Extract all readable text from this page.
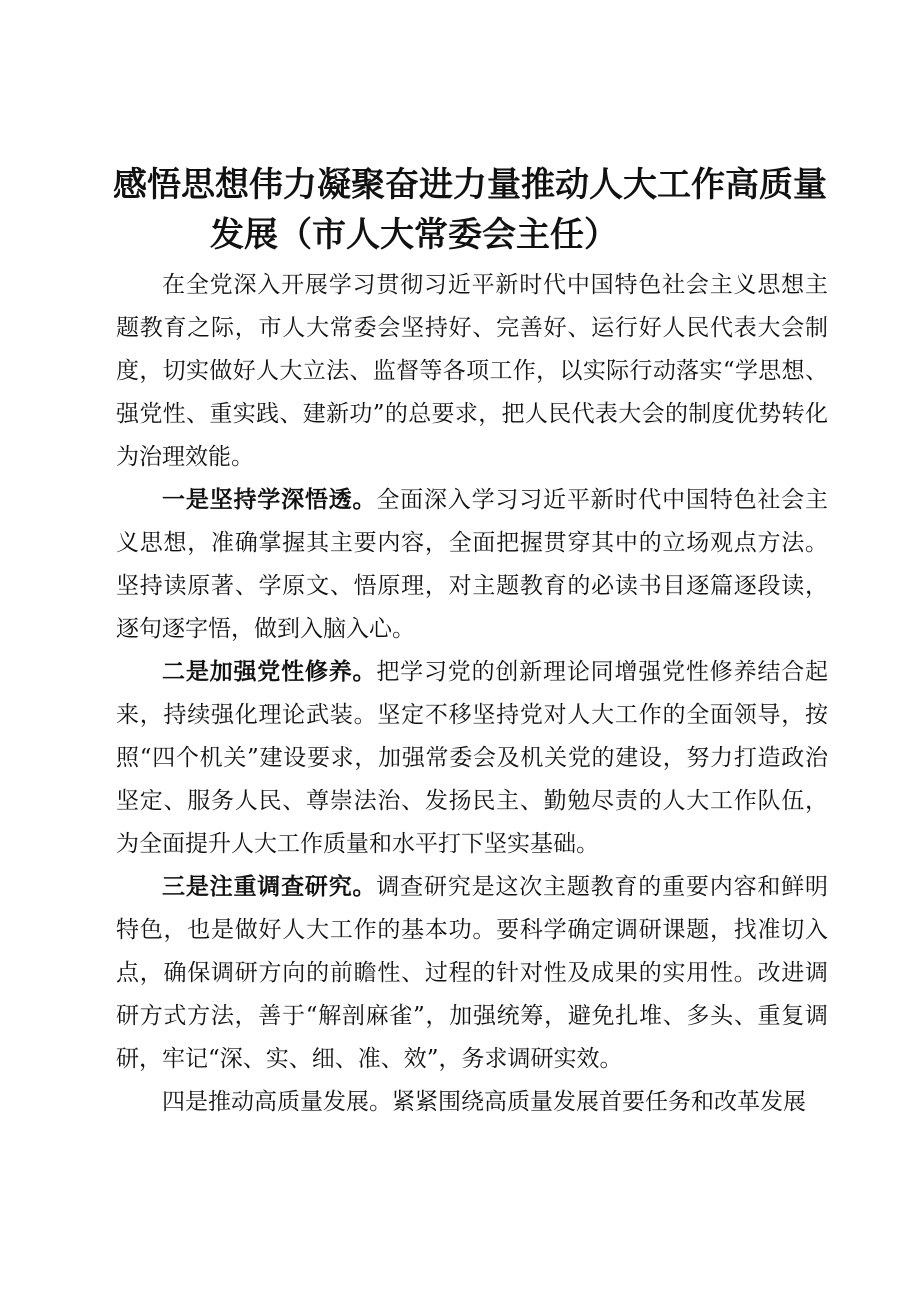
感悟思想伟力凝聚奋进力量推动人大工作高质量
发展（市人大常委会主任）

在全党深入开展学习贯彻习近平新时代中国特色社会主义思想主题教育之际，市人大常委会坚持好、完善好、运行好人民代表大会制度，切实做好人大立法、监督等各项工作，以实际行动落实“学思想、强党性、重实践、建新功”的总要求，把人民代表大会的制度优势转化为治理效能。

一是坚持学深悟透。全面深入学习习近平新时代中国特色社会主义思想，准确掌握其主要内容，全面把握贯穿其中的立场观点方法。坚持读原著、学原文、悟原理，对主题教育的必读书目逐篇逐段读，逐句逐字悟，做到入脑入心。

二是加强党性修养。把学习党的创新理论同增强党性修养结合起来，持续强化理论武装。坚定不移坚持党对人大工作的全面领导，按照“四个机关”建设要求，加强常委会及机关党的建设，努力打造政治坚定、服务人民、尊崇法治、发扬民主、勤勉尽责的人大工作队伍，为全面提升人大工作质量和水平打下坚实基础。

三是注重调查研究。调查研究是这次主题教育的重要内容和鲜明特色，也是做好人大工作的基本功。要科学确定调研课题，找准切入点，确保调研方向的前瞻性、过程的针对性及成果的实用性。改进调研方式方法，善于“解剖麻雀”，加强统筹，避免扎堆、多头、重复调研，牢记“深、实、细、准、效”，务求调研实效。

四是推动高质量发展。紧紧围绕高质量发展首要任务和改革发展
